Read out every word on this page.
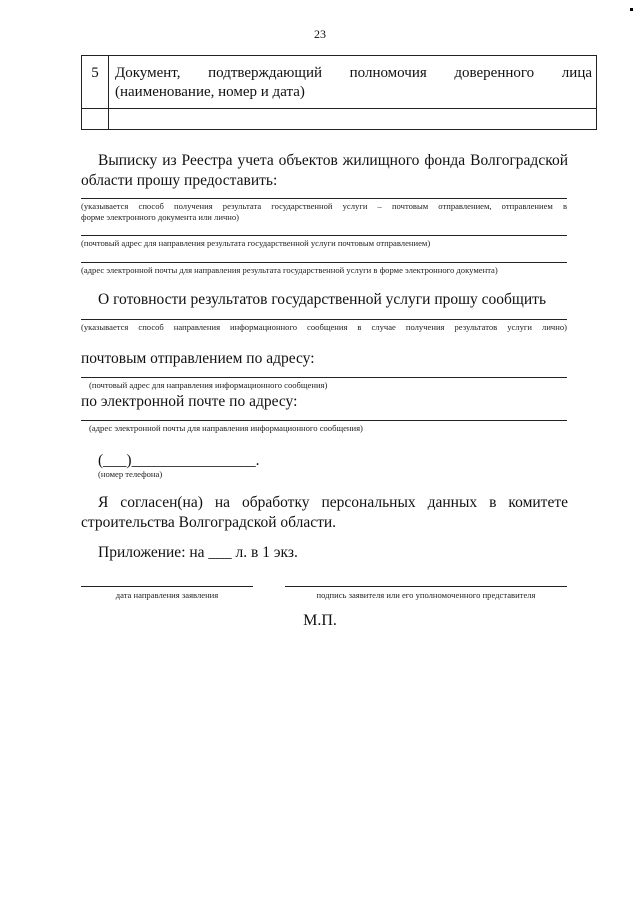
23
5	Документ, подтверждающий полномочия доверенного лица
(наименование, номер и дата)

Выписку из Реестра учета объектов жилищного фонда Волгоградской
области прошу предоставить:
(указывается способ получения результата государственной услуги – почтовым отправлением, отправлением в
форме электронного документа или лично)
(почтовый адрес для направления результата государственной услуги почтовым отправлением)
(адрес электронной почты для направления результата государственной услуги в форме электронного документа)
О готовности результатов государственной услуги прошу сообщить
(указывается способ направления информационного сообщения в случае получения результатов услуги лично)
почтовым отправлением по адресу:
(почтовый адрес для направления информационного сообщения)
по электронной почте по адресу:
(адрес электронной почты для направления информационного сообщения)
(___)________________.
(номер телефона)
Я согласен(на) на обработку персональных данных в комитете
строительства Волгоградской области.
Приложение: на ___ л. в 1 экз.
дата направления заявления	подпись заявителя или его уполномоченного представителя
М.П.
